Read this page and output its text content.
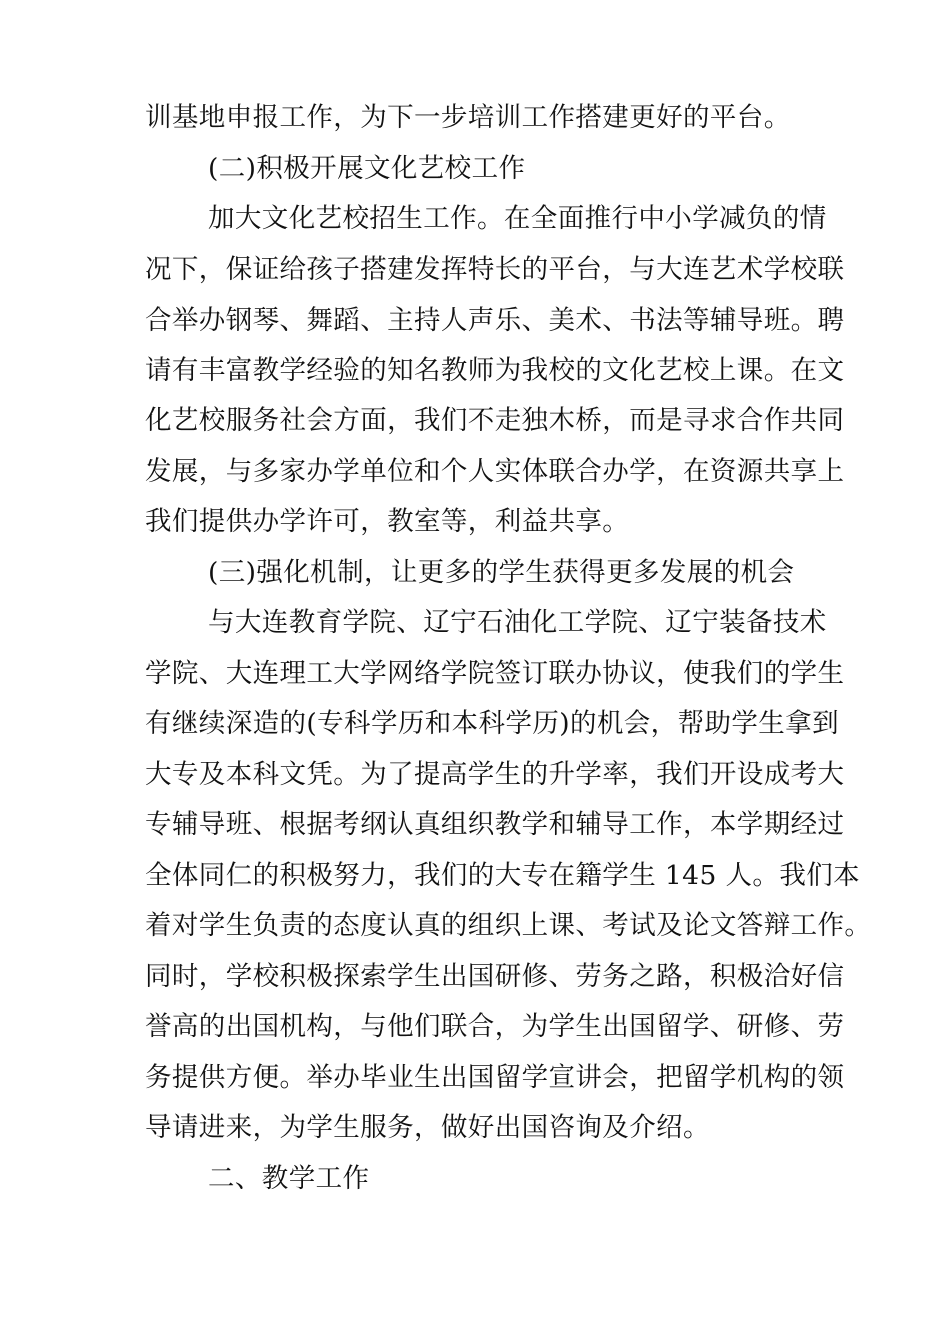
训基地申报工作，为下一步培训工作搭建更好的平台。
(二)积极开展文化艺校工作
加大文化艺校招生工作。在全面推行中小学减负的情
况下，保证给孩子搭建发挥特长的平台，与大连艺术学校联
合举办钢琴、舞蹈、主持人声乐、美术、书法等辅导班。聘
请有丰富教学经验的知名教师为我校的文化艺校上课。在文
化艺校服务社会方面，我们不走独木桥，而是寻求合作共同
发展，与多家办学单位和个人实体联合办学，在资源共享上
我们提供办学许可，教室等，利益共享。
(三)强化机制，让更多的学生获得更多发展的机会
与大连教育学院、辽宁石油化工学院、辽宁装备技术
学院、大连理工大学网络学院签订联办协议，使我们的学生
有继续深造的(专科学历和本科学历)的机会，帮助学生拿到
大专及本科文凭。为了提高学生的升学率，我们开设成考大
专辅导班、根据考纲认真组织教学和辅导工作，本学期经过
全体同仁的积极努力，我们的大专在籍学生 145 人。我们本
着对学生负责的态度认真的组织上课、考试及论文答辩工作。
同时，学校积极探索学生出国研修、劳务之路，积极洽好信
誉高的出国机构，与他们联合，为学生出国留学、研修、劳
务提供方便。举办毕业生出国留学宣讲会，把留学机构的领
导请进来，为学生服务，做好出国咨询及介绍。
二、教学工作
